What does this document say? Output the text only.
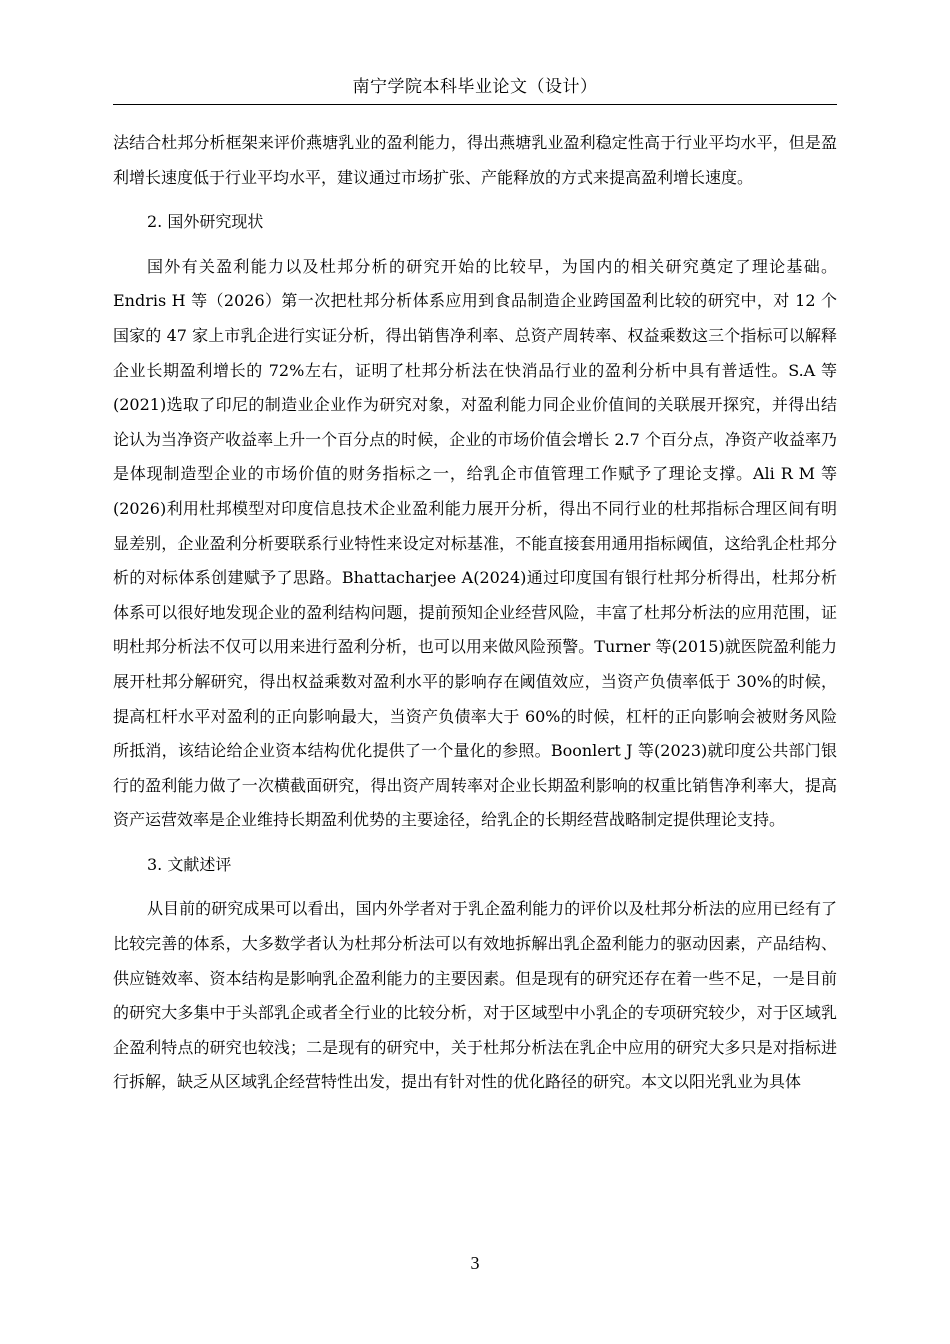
南宁学院本科毕业论文（设计）

法结合杜邦分析框架来评价燕塘乳业的盈利能力，得出燕塘乳业盈利稳定性高于行业平均水平，但是盈利增长速度低于行业平均水平，建议通过市场扩张、产能释放的方式来提高盈利增长速度。

2. 国外研究现状

国外有关盈利能力以及杜邦分析的研究开始的比较早，为国内的相关研究奠定了理论基础。Endris H 等（2026）第一次把杜邦分析体系应用到食品制造企业跨国盈利比较的研究中，对 12 个国家的 47 家上市乳企进行实证分析，得出销售净利率、总资产周转率、权益乘数这三个指标可以解释企业长期盈利增长的 72%左右，证明了杜邦分析法在快消品行业的盈利分析中具有普适性。S.A 等(2021)选取了印尼的制造业企业作为研究对象，对盈利能力同企业价值间的关联展开探究，并得出结论认为当净资产收益率上升一个百分点的时候，企业的市场价值会增长 2.7 个百分点，净资产收益率乃是体现制造型企业的市场价值的财务指标之一，给乳企市值管理工作赋予了理论支撑。Ali R M 等(2026)利用杜邦模型对印度信息技术企业盈利能力展开分析，得出不同行业的杜邦指标合理区间有明显差别，企业盈利分析要联系行业特性来设定对标基准，不能直接套用通用指标阈值，这给乳企杜邦分析的对标体系创建赋予了思路。Bhattacharjee A(2024)通过印度国有银行杜邦分析得出，杜邦分析体系可以很好地发现企业的盈利结构问题，提前预知企业经营风险，丰富了杜邦分析法的应用范围，证明杜邦分析法不仅可以用来进行盈利分析，也可以用来做风险预警。Turner 等(2015)就医院盈利能力展开杜邦分解研究，得出权益乘数对盈利水平的影响存在阈值效应，当资产负债率低于 30%的时候，提高杠杆水平对盈利的正向影响最大，当资产负债率大于 60%的时候，杠杆的正向影响会被财务风险所抵消，该结论给企业资本结构优化提供了一个量化的参照。Boonlert J 等(2023)就印度公共部门银行的盈利能力做了一次横截面研究，得出资产周转率对企业长期盈利影响的权重比销售净利率大，提高资产运营效率是企业维持长期盈利优势的主要途径，给乳企的长期经营战略制定提供理论支持。

3. 文献述评

从目前的研究成果可以看出，国内外学者对于乳企盈利能力的评价以及杜邦分析法的应用已经有了比较完善的体系，大多数学者认为杜邦分析法可以有效地拆解出乳企盈利能力的驱动因素，产品结构、供应链效率、资本结构是影响乳企盈利能力的主要因素。但是现有的研究还存在着一些不足，一是目前的研究大多集中于头部乳企或者全行业的比较分析，对于区域型中小乳企的专项研究较少，对于区域乳企盈利特点的研究也较浅；二是现有的研究中，关于杜邦分析法在乳企中应用的研究大多只是对指标进行拆解，缺乏从区域乳企经营特性出发，提出有针对性的优化路径的研究。本文以阳光乳业为具体

3
